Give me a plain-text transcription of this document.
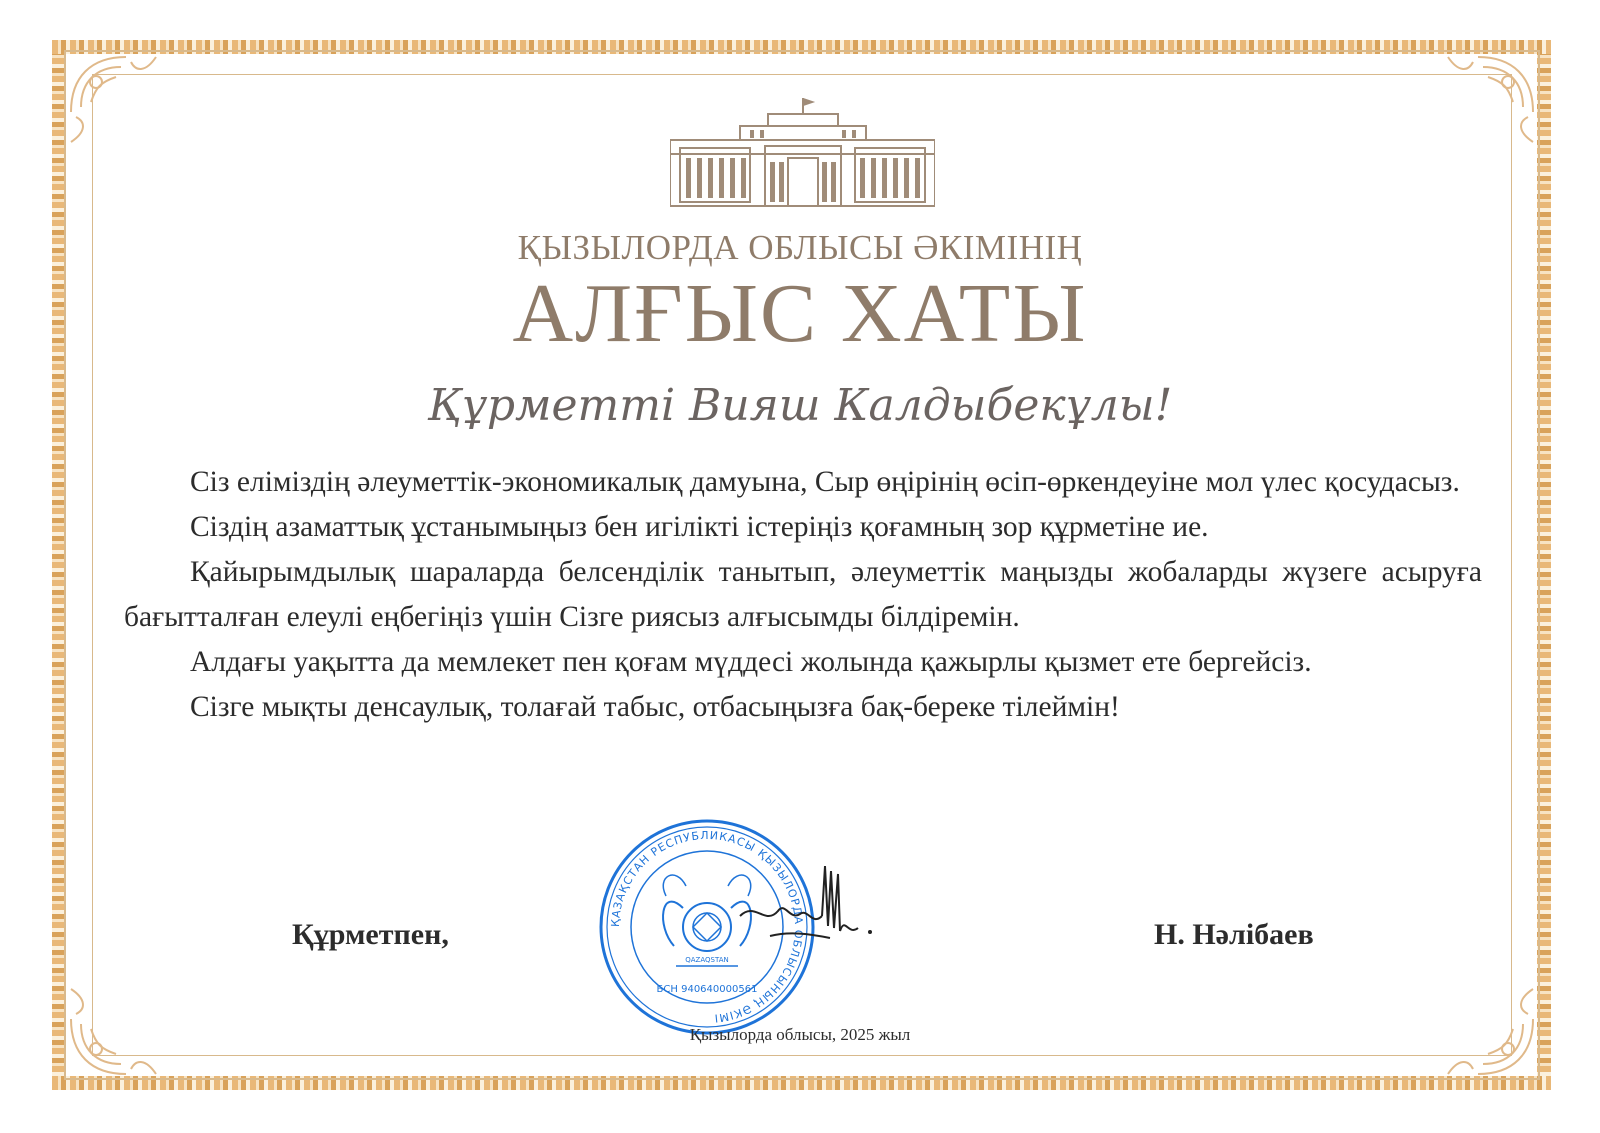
ҚЫЗЫЛОРДА ОБЛЫСЫ ӘКІМІНІҢ
АЛҒЫС ХАТЫ
Құрметті Вияш Калдыбекұлы!

Сіз еліміздің әлеуметтік-экономикалық дамуына, Сыр өңірінің өсіп-өркендеуіне мол үлес қосудасыз.

Сіздің азаматтық ұстанымыңыз бен игілікті істеріңіз қоғамның зор құрметіне ие.

Қайырымдылық шараларда белсенділік танытып, әлеуметтік маңызды жобаларды жүзеге асыруға бағытталған елеулі еңбегіңіз үшін Сізге риясыз алғысымды білдіремін.

Алдағы уақытта да мемлекет пен қоғам мүддесі жолында қажырлы қызмет ете бергейсіз.

Сізге мықты денсаулық, толағай табыс, отбасыңызға бақ-береке тілеймін!

ҚАЗАҚСТАН РЕСПУБЛИКАСЫ ҚЫЗЫЛОРДА ОБЛЫСЫНЫҢ ӘКІМІ
QAZAQSTAN
БСН 940640000561
Құрметпен,	Н. Нәлібаев
Қызылорда облысы, 2025 жыл
